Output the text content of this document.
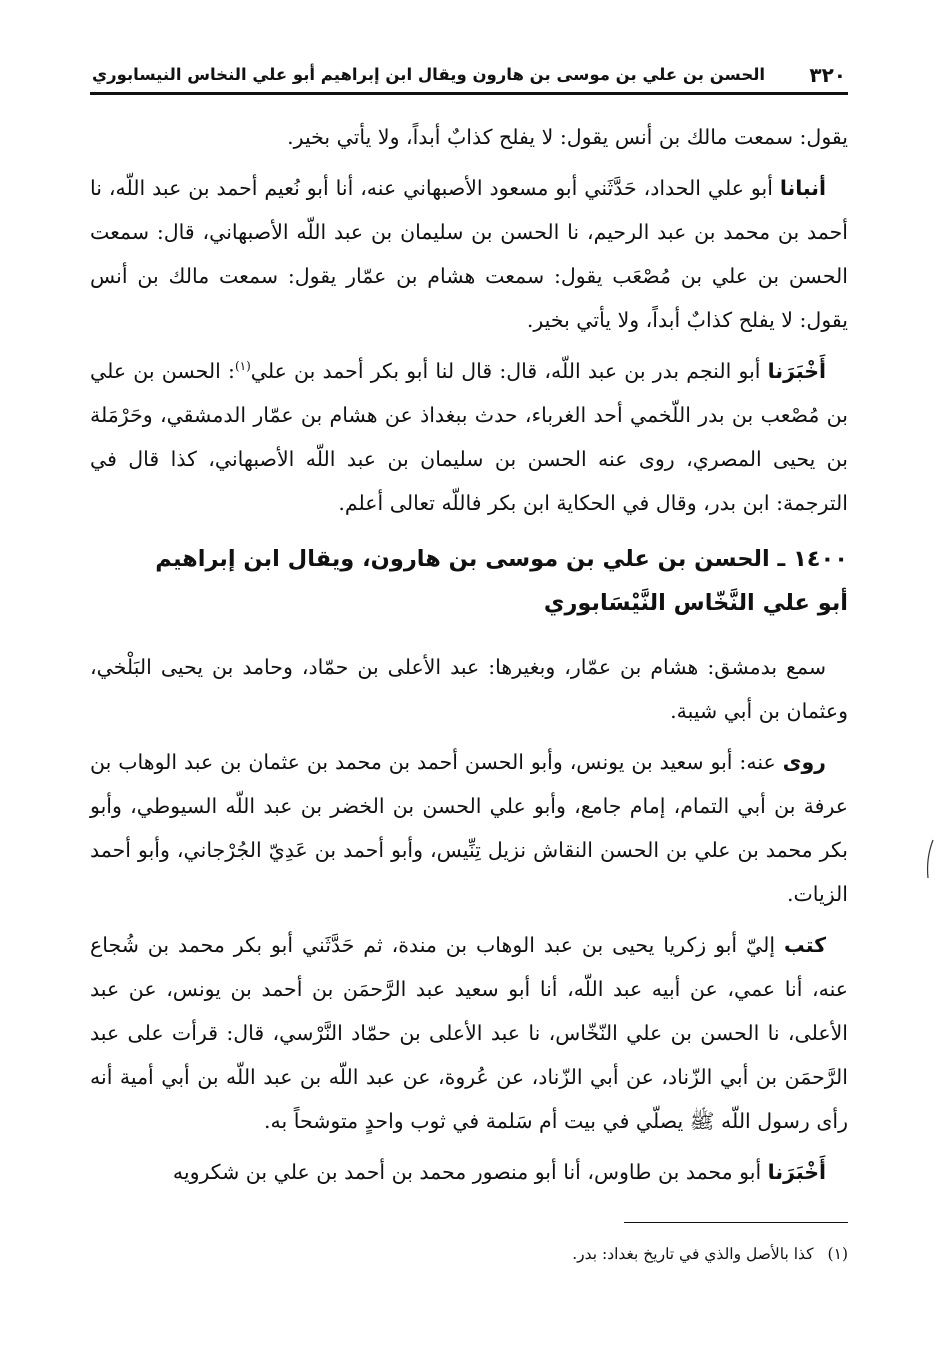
٣٢٠
الحسن بن علي بن موسى بن هارون ويقال ابن إبراهيم أبو علي النخاس النيسابوري

يقول: سمعت مالك بن أنس يقول: لا يفلح كذابٌ أبداً، ولا يأتي بخير.

أنبانا أبو علي الحداد، حَدَّثَني أبو مسعود الأصبهاني عنه، أنا أبو نُعيم أحمد بن عبد اللّه، نا أحمد بن محمد بن عبد الرحيم، نا الحسن بن سليمان بن عبد اللّه الأصبهاني، قال: سمعت الحسن بن علي بن مُصْعَب يقول: سمعت هشام بن عمّار يقول: سمعت مالك بن أنس يقول: لا يفلح كذابٌ أبداً، ولا يأتي بخير.

أَخْبَرَنا أبو النجم بدر بن عبد اللّه، قال: قال لنا أبو بكر أحمد بن علي$^{(١)}$: الحسن بن علي بن مُصْعب بن بدر اللّخمي أحد الغرباء، حدث ببغداذ عن هشام بن عمّار الدمشقي، وحَرْمَلة بن يحيى المصري، روى عنه الحسن بن سليمان بن عبد اللّه الأصبهاني، كذا قال في الترجمة: ابن بدر، وقال في الحكاية ابن بكر فاللّه تعالى أعلم.

١٤٠٠ ـ الحسن بن علي بن موسى بن هارون، ويقال ابن إبراهيم
أبو علي النَّخّاس النَّيْسَابوري

سمع بدمشق: هشام بن عمّار، وبغيرها: عبد الأعلى بن حمّاد، وحامد بن يحيى البَلْخي، وعثمان بن أبي شيبة.

روى عنه: أبو سعيد بن يونس، وأبو الحسن أحمد بن محمد بن عثمان بن عبد الوهاب بن عرفة بن أبي التمام، إمام جامع، وأبو علي الحسن بن الخضر بن عبد اللّه السيوطي، وأبو بكر محمد بن علي بن الحسن النقاش نزيل تِنِّيس، وأبو أحمد بن عَدِيّ الجُرْجاني، وأبو أحمد الزيات.

كتب إليّ أبو زكريا يحيى بن عبد الوهاب بن مندة، ثم حَدَّثَني أبو بكر محمد بن شُجاع عنه، أنا عمي، عن أبيه عبد اللّه، أنا أبو سعيد عبد الرَّحمَن بن أحمد بن يونس، عن عبد الأعلى، نا الحسن بن علي النّخّاس، نا عبد الأعلى بن حمّاد النَّرْسي، قال: قرأت على عبد الرَّحمَن بن أبي الزّناد، عن أبي الزّناد، عن عُروة، عن عبد اللّه بن عبد اللّه بن أبي أمية أنه رأى رسول اللّه ﷺ يصلّي في بيت أم سَلمة في ثوب واحدٍ متوشحاً به.

أَخْبَرَنا أبو محمد بن طاوس، أنا أبو منصور محمد بن أحمد بن علي بن شكرويه

(١)كذا بالأصل والذي في تاريخ بغداد: بدر.
